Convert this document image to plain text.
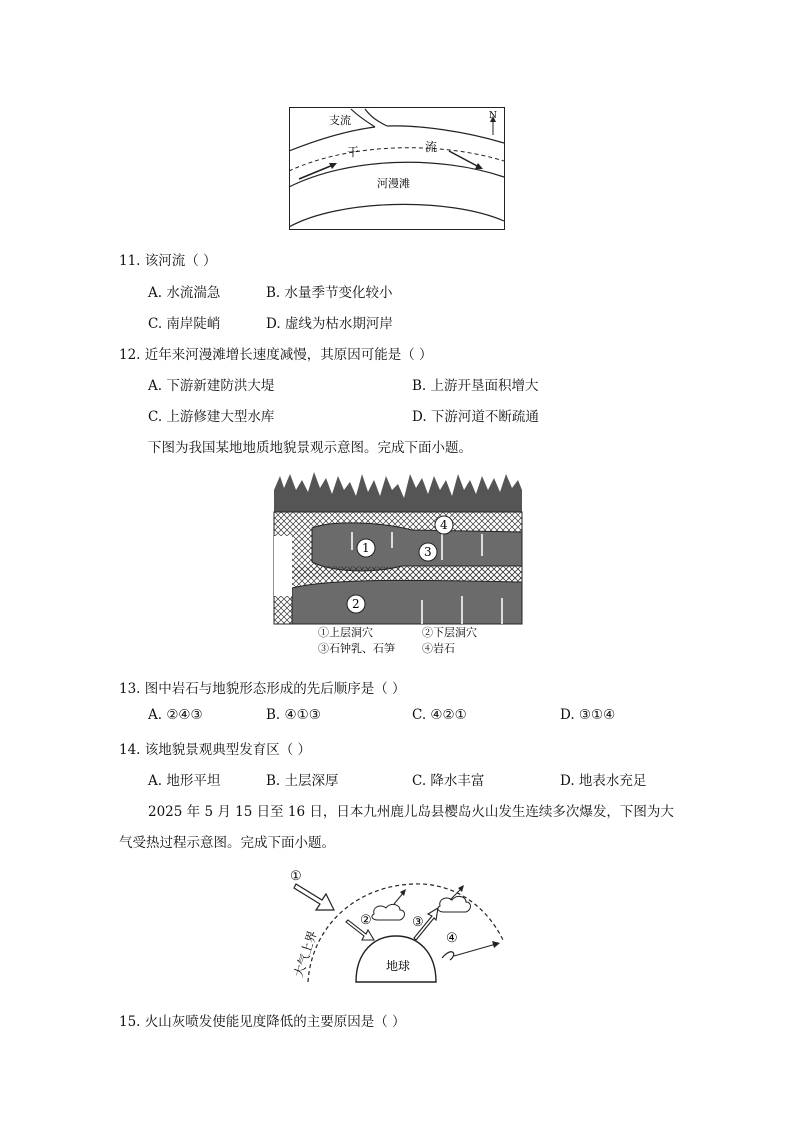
N
支流
干	流
河漫滩
11. 该河流（ ）
A. 水流湍急	B. 水量季节变化较小
C. 南岸陡峭	D. 虚线为枯水期河岸
12. 近年来河漫滩增长速度减慢，其原因可能是（ ）
A. 下游新建防洪大堤	B. 上游开垦面积增大
C. 上游修建大型水库	D. 下游河道不断疏通
下图为我国某地地质地貌景观示意图。完成下面小题。
4
1	3
2
①上层洞穴	②下层洞穴
③石钟乳、石笋 ④岩石
13. 图中岩石与地貌形态形成的先后顺序是（ ）
A. ②④③	B. ④①③	C. ④②①	D. ③①④
14. 该地貌景观典型发育区（ ）
A. 地形平坦	B. 土层深厚	C. 降水丰富	D. 地表水充足
2025 年 5 月 15 日至 16 日，日本九州鹿儿岛县樱岛火山发生连续多次爆发，下图为大
气受热过程示意图。完成下面小题。
地球
大气上界
①
②	③
④
15. 火山灰喷发使能见度降低的主要原因是（ ）
